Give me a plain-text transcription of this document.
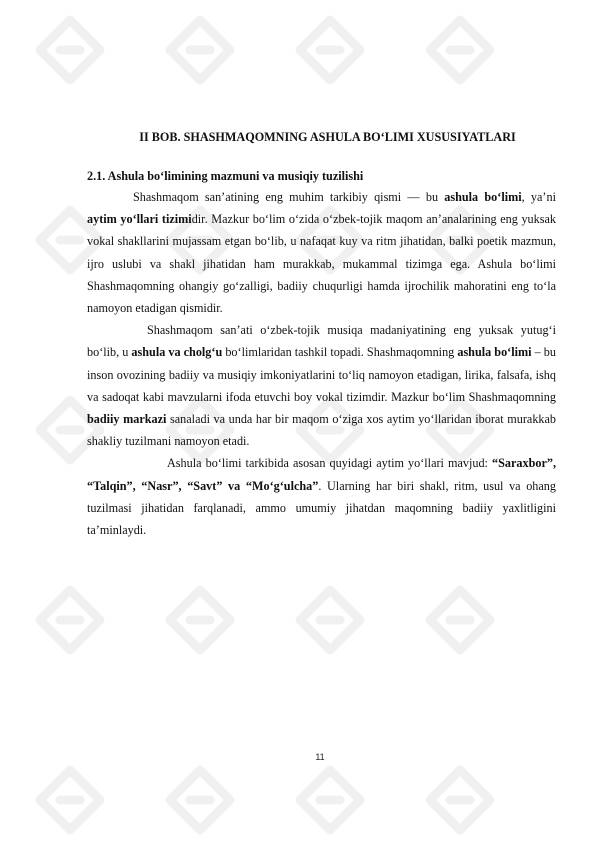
II BOB. SHASHMAQOMNING ASHULA BO‘LIMI XUSUSIYATLARI
2.1. Ashula bo‘limining mazmuni va musiqiy tuzilishi

Shashmaqom san’atining eng muhim tarkibiy qismi — bu ashula bo‘limi, ya’ni aytim yo‘llari tizimidir. Mazkur bo‘lim o‘zida o‘zbek-tojik maqom an’analarining eng yuksak vokal shakllarini mujassam etgan bo‘lib, u nafaqat kuy va ritm jihatidan, balki poetik mazmun, ijro uslubi va shakl jihatidan ham murakkab, mukammal tizimga ega. Ashula bo‘limi Shashmaqomning ohangiy go‘zalligi, badiiy chuqurligi hamda ijrochilik mahoratini eng to‘la namoyon etadigan qismidir.

Shashmaqom san’ati o‘zbek-tojik musiqa madaniyatining eng yuksak yutug‘i bo‘lib, u ashula va cholg‘u bo‘limlaridan tashkil topadi. Shashmaqomning ashula bo‘limi – bu inson ovozining badiiy va musiqiy imkoniyatlarini to‘liq namoyon etadigan, lirika, falsafa, ishq va sadoqat kabi mavzularni ifoda etuvchi boy vokal tizimdir. Mazkur bo‘lim Shashmaqomning badiiy markazi sanaladi va unda har bir maqom o‘ziga xos aytim yo‘llaridan iborat murakkab shakliy tuzilmani namoyon etadi.

Ashula bo‘limi tarkibida asosan quyidagi aytim yo‘llari mavjud: “Saraxbor”, “Talqin”, “Nasr”, “Savt” va “Mo‘g‘ulcha”. Ularning har biri shakl, ritm, usul va ohang tuzilmasi jihatidan farqlanadi, ammo umumiy jihatdan maqomning badiiy yaxlitligini ta’minlaydi.

11
